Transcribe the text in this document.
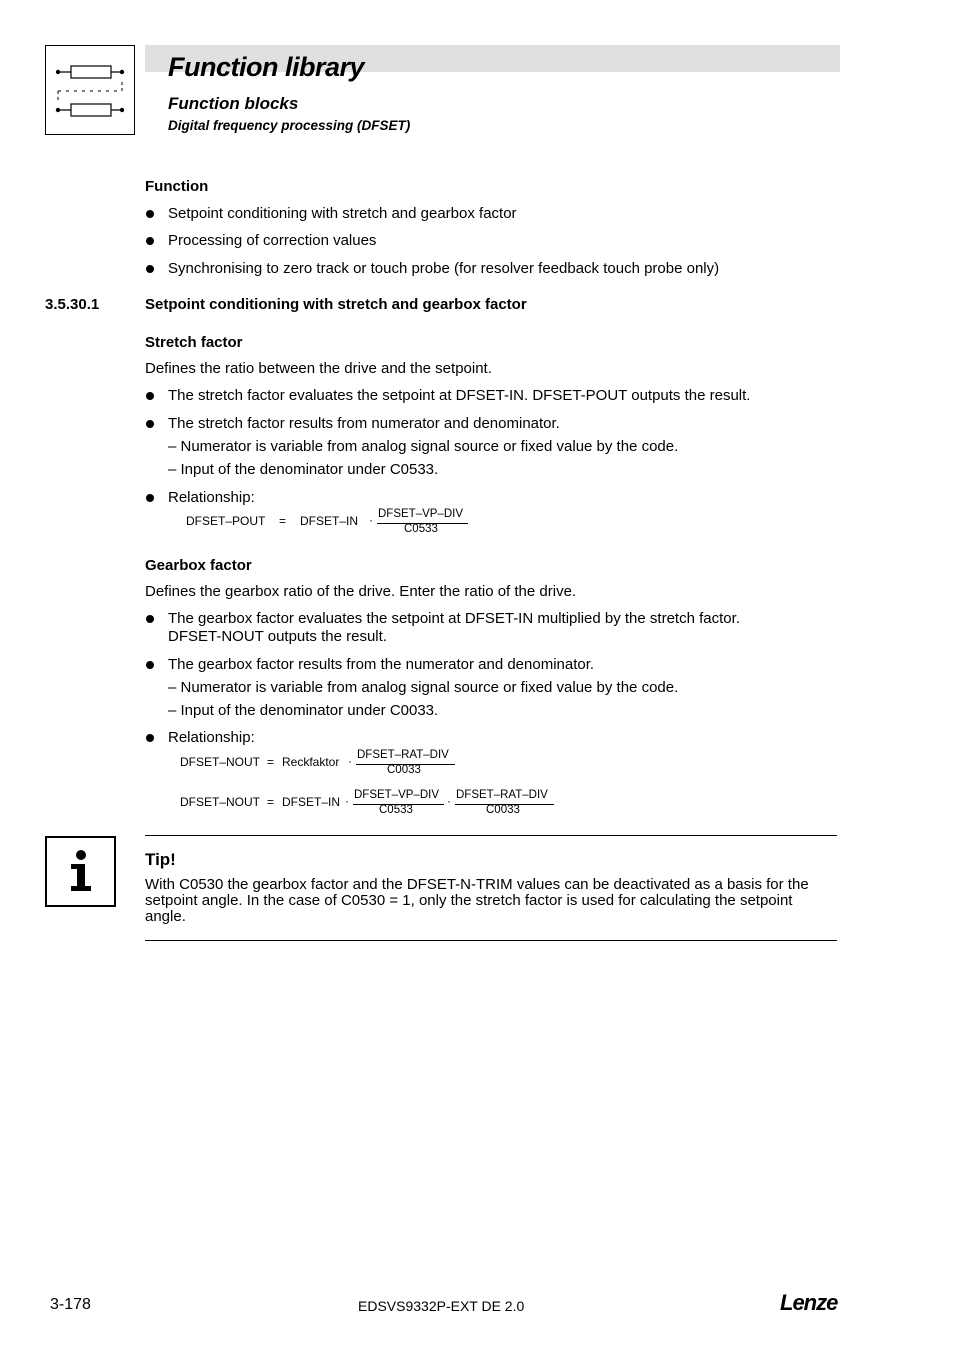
Function library
Function blocks
Digital frequency processing (DFSET)
Function
Setpoint conditioning with stretch and gearbox factor
Processing of correction values
Synchronising to zero track or touch probe (for resolver feedback touch probe only)
3.5.30.1	Setpoint conditioning with stretch and gearbox factor
Stretch factor
Defines the ratio between the drive and the setpoint.
The stretch factor evaluates the setpoint at DFSET-IN. DFSET-POUT outputs the result.
The stretch factor results from numerator and denominator.
– Numerator is variable from analog signal source or fixed value by the code.
– Input of the denominator under C0533.
Relationship:
DFSET–POUT = DFSET–IN · DFSET–VP–DIV
C0533
Gearbox factor
Defines the gearbox ratio of the drive. Enter the ratio of the drive.
The gearbox factor evaluates the setpoint at DFSET-IN multiplied by the stretch factor.
DFSET-NOUT outputs the result.
The gearbox factor results from the numerator and denominator.
– Numerator is variable from analog signal source or fixed value by the code.
– Input of the denominator under C0033.
Relationship:
DFSET–NOUT = Reckfaktor · DFSET–RAT–DIV
C0033
DFSET–NOUT = DFSET–IN · DFSET–VP–DIV
C0533
· DFSET–RAT–DIV
C0033
Tip!
With C0530 the gearbox factor and the DFSET-N-TRIM values can be deactivated as a basis for the
setpoint angle. In the case of C0530 = 1, only the stretch factor is used for calculating the setpoint
angle.
3-178	EDSVS9332P-EXT DE 2.0	Lenze
